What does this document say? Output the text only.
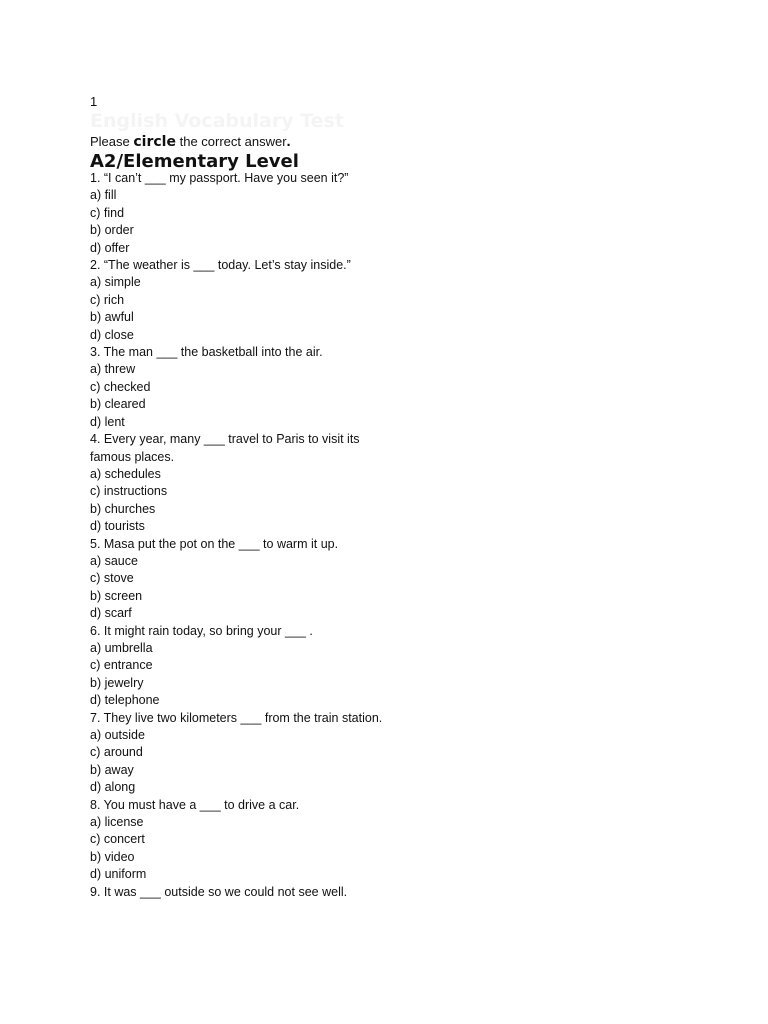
1
English Vocabulary Test
Please circle the correct answer.
A2/Elementary Level
1. “I can’t ___ my passport. Have you seen it?”
a) fill
c) find
b) order
d) offer
2. “The weather is ___ today. Let’s stay inside.”
a) simple
c) rich
b) awful
d) close
3. The man ___ the basketball into the air.
a) threw
c) checked
b) cleared
d) lent
4. Every year, many ___ travel to Paris to visit its famous places.
a) schedules
c) instructions
b) churches
d) tourists
5. Masa put the pot on the ___ to warm it up.
a) sauce
c) stove
b) screen
d) scarf
6. It might rain today, so bring your ___ .
a) umbrella
c) entrance
b) jewelry
d) telephone
7. They live two kilometers ___ from the train station.
a) outside
c) around
b) away
d) along
8. You must have a ___ to drive a car.
a) license
c) concert
b) video
d) uniform
9. It was ___ outside so we could not see well.
